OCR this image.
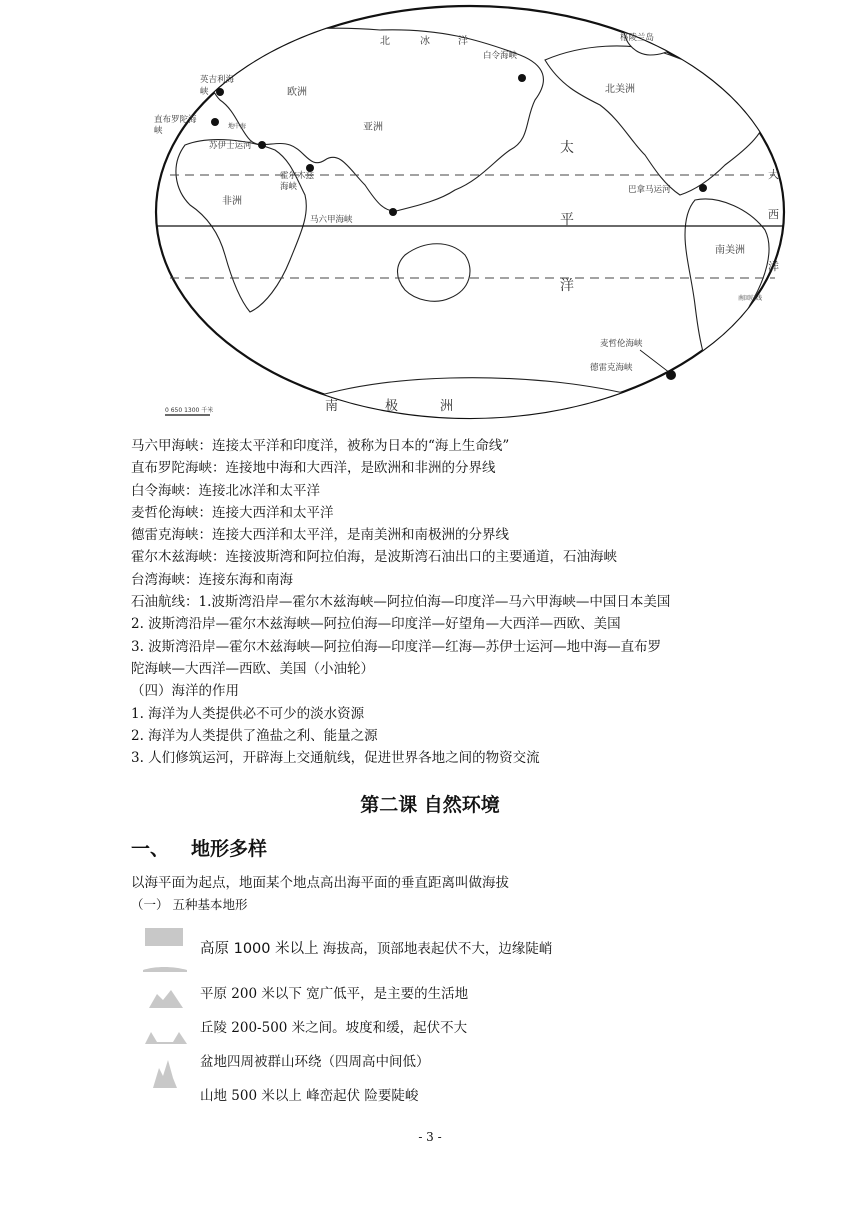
北	冰	洋
太
平
洋
大
西
洋
欧洲
亚洲
非洲
北美洲
南美洲
南	极	洲
格陵兰岛
白令海峡
英吉利海
峡
直布罗陀海
峡	地中海
苏伊士运河
霍尔木兹
海峡
马六甲海峡
巴拿马运河
麦哲伦海峡
德雷克海峡
南回归线
0 650 1300 千米

马六甲海峡：连接太平洋和印度洋，被称为日本的“海上生命线”

直布罗陀海峡：连接地中海和大西洋，是欧洲和非洲的分界线

白令海峡：连接北冰洋和太平洋

麦哲伦海峡：连接大西洋和太平洋

德雷克海峡：连接大西洋和太平洋，是南美洲和南极洲的分界线

霍尔木兹海峡：连接波斯湾和阿拉伯海，是波斯湾石油出口的主要通道，石油海峡

台湾海峡：连接东海和南海

石油航线：1.波斯湾沿岸—霍尔木兹海峡—阿拉伯海—印度洋—马六甲海峡—中国日本美国

2. 波斯湾沿岸—霍尔木兹海峡—阿拉伯海—印度洋—好望角—大西洋—西欧、美国

3. 波斯湾沿岸—霍尔木兹海峡—阿拉伯海—印度洋—红海—苏伊士运河—地中海—直布罗

陀海峡—大西洋—西欧、美国（小油轮）

（四）海洋的作用

1. 海洋为人类提供必不可少的淡水资源

2. 海洋为人类提供了渔盐之利、能量之源

3. 人们修筑运河，开辟海上交通航线，促进世界各地之间的物资交流

第二课 自然环境
一、 地形多样
以海平面为起点，地面某个地点高出海平面的垂直距离叫做海拔
（一） 五种基本地形
高原 1000 米以上 海拔高，顶部地表起伏不大，边缘陡峭
平原 200 米以下 宽广低平，是主要的生活地
丘陵 200-500 米之间。坡度和缓，起伏不大
盆地四周被群山环绕（四周高中间低）
山地 500 米以上 峰峦起伏 险要陡峻
- 3 -
